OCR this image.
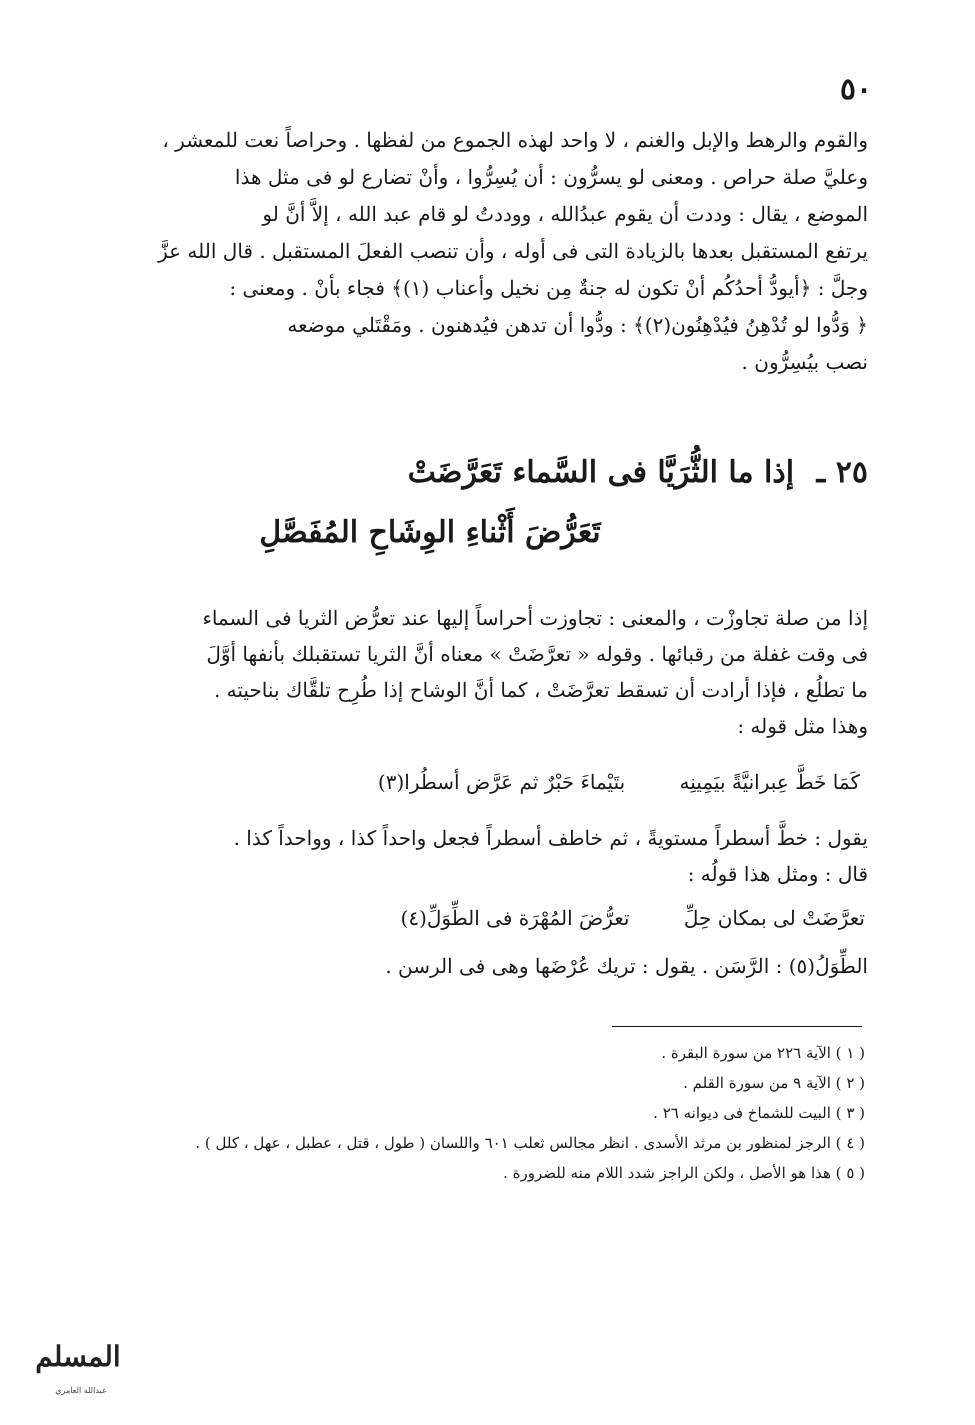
٥٠
والقوم والرهط والإبل والغنم ، لا واحد لهذه الجموع من لفظها . وحراصاً نعت للمعشر ،
وعليَّ صلة حراص . ومعنى لو يسرُّون : أن يُسِرُّوا ، وأنْ تضارع لو فى مثل هذا
الموضع ، يقال : وددت أن يقوم عبدُالله ، ووددتُ لو قام عبد الله ، إلاَّ أنَّ لو
يرتفع المستقبل بعدها بالزيادة التى فى أوله ، وأن تنصب الفعلَ المستقبل . قال الله عزَّ
وجلَّ : ﴿أيودُّ أحدُكُم أنْ تكون له جنةٌ مِن نخيل وأعناب (١)﴾ فجاء بأنْ . ومعنى :
﴿ وَدُّوا لو تُدْهِنُ فيُدْهِنُون(٢)﴾ : ودُّوا أن تدهن فيُدهنون . ومَقْتَلي موضعه
نصب بيُسِرُّون .
٢٥ ـ إذا ما الثُّرَيَّا فى السَّماء تَعَرَّضَتْ
تَعَرُّضَ أَثْناءِ الوِشَاحِ المُفَصَّلِ
إذا من صلة تجاوزْت ، والمعنى : تجاوزت أحراساً إليها عند تعرُّض الثريا فى السماء
فى وقت غفلة من رقبائها . وقوله « تعرَّضَتْ » معناه أنَّ الثريا تستقبلك بأنفها أوَّلَ
ما تطلُع ، فإذا أرادت أن تسقط تعرَّضَتْ ، كما أنَّ الوشاح إذا طُرِح تلقَّاك بناحيته .
وهذا مثل قوله :
كَمَا خَطَّ عِبرانيَّةً بيَمِينِه بتَيْماءَ حَبْرٌ ثم عَرَّض أسطُرا(٣)
يقول : خطَّ أسطراً مستويةً ، ثم خاطف أسطراً فجعل واحداً كذا ، وواحداً كذا .
قال : ومثل هذا قولُه :
تعرَّضَتْ لى بمكان حِلِّ تعرُّضَ المُهْرَة فى الطِّوَلِّ(٤)
الطِّوَلُ(٥) : الرَّسَن . يقول : تريك عُرْضَها وهى فى الرسن .
( ١ ) الآية ٢٢٦ من سورة البقرة .
( ٢ ) الآية ٩ من سورة القلم .
( ٣ ) البيت للشماخ فى ديوانه ٢٦ .
( ٤ ) الرجز لمنظور بن مرثد الأسدى . انظر مجالس ثعلب ٦٠١ واللسان ( طول ، قتل ، عطبل ، عهل ، كلل ) .
( ٥ ) هذا هو الأصل ، ولكن الراجز شدد اللام منه للضرورة .
المسلم
عبدالله العامري
